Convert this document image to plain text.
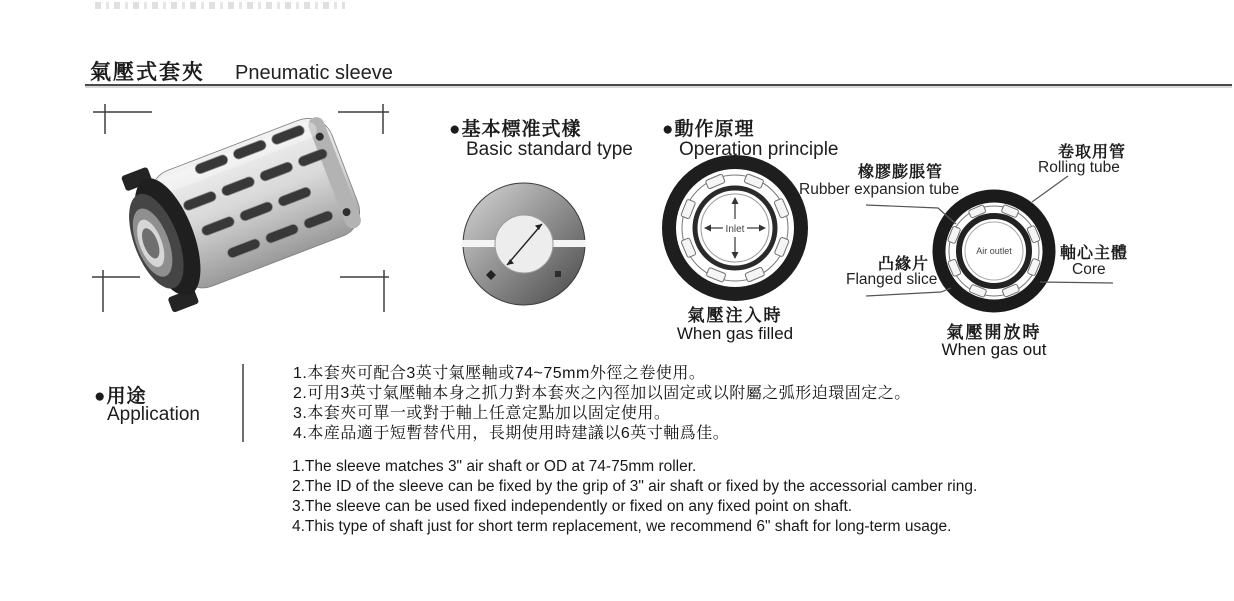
氣壓式套夾 Pneumatic sleeve
●基本標准式樣
Basic standard type
●動作原理
Operation principle
Inlet
氣壓注入時
When gas filled
Air outlet
氣壓開放時
When gas out
橡膠膨脹管
Rubber expansion tube
卷取用管
Rolling tube
凸緣片
Flanged slice
軸心主體
Core
●用途
Application
1.本套夾可配合3英寸氣壓軸或74~75mm外徑之卷使用。
2.可用3英寸氣壓軸本身之抓力對本套夾之內徑加以固定或以附屬之弧形迫環固定之。
3.本套夾可單一或對于軸上任意定點加以固定使用。
4.本産品適于短暫替代用，長期使用時建議以6英寸軸爲佳。
1.The sleeve matches 3" air shaft or OD at 74-75mm roller.
2.The ID of the sleeve can be fixed by the grip of 3" air shaft or fixed by the accessorial camber ring.
3.The sleeve can be used fixed independently or fixed on any fixed point on shaft.
4.This type of shaft just for short term replacement, we recommend 6" shaft for long-term usage.
